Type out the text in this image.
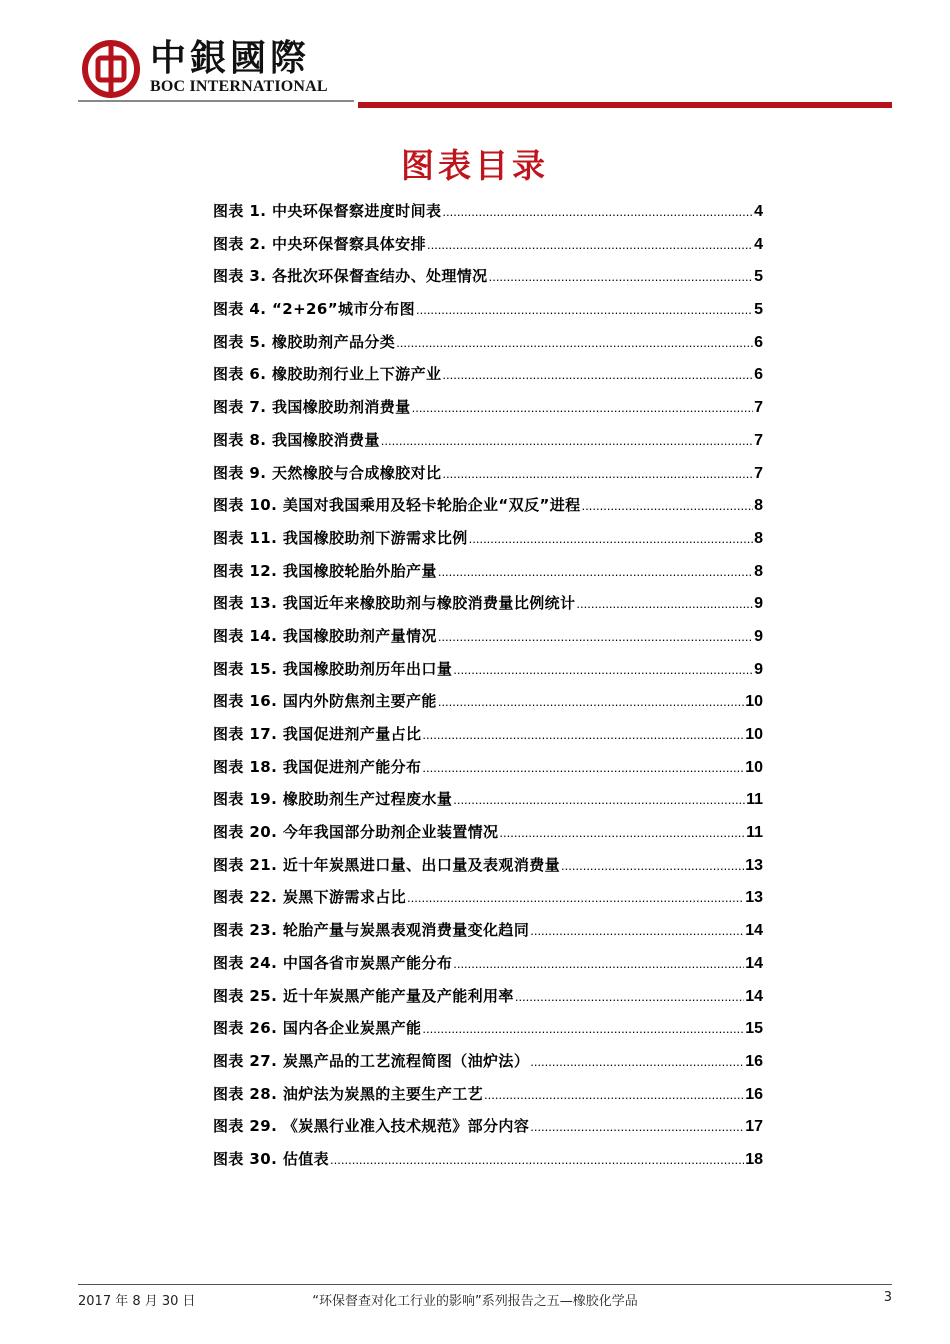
中銀國際
BOC INTERNATIONAL
图表目录
图表 1. 中央环保督察进度时间表 .....	4
图表 2. 中央环保督察具体安排 .....	4
图表 3. 各批次环保督查结办、处理情况 .....	5
图表 4. “2+26”城市分布图 .....	5
图表 5. 橡胶助剂产品分类 .....	6
图表 6. 橡胶助剂行业上下游产业 .....	6
图表 7. 我国橡胶助剂消费量 .....	7
图表 8. 我国橡胶消费量 .....	7
图表 9. 天然橡胶与合成橡胶对比 .....	7
图表 10. 美国对我国乘用及轻卡轮胎企业“双反”进程 .....	8
图表 11. 我国橡胶助剂下游需求比例 .....	8
图表 12. 我国橡胶轮胎外胎产量 .....	8
图表 13. 我国近年来橡胶助剂与橡胶消费量比例统计 .....	9
图表 14. 我国橡胶助剂产量情况 .....	9
图表 15. 我国橡胶助剂历年出口量 .....	9
图表 16. 国内外防焦剂主要产能 .....	10
图表 17. 我国促进剂产量占比 .....	10
图表 18. 我国促进剂产能分布 .....	10
图表 19. 橡胶助剂生产过程废水量 .....	11
图表 20. 今年我国部分助剂企业装置情况 .....	11
图表 21. 近十年炭黑进口量、出口量及表观消费量 .....	13
图表 22. 炭黑下游需求占比 .....	13
图表 23. 轮胎产量与炭黑表观消费量变化趋同 .....	14
图表 24. 中国各省市炭黑产能分布 .....	14
图表 25. 近十年炭黑产能产量及产能利用率 .....	14
图表 26. 国内各企业炭黑产能 .....	15
图表 27. 炭黑产品的工艺流程简图（油炉法） .....	16
图表 28. 油炉法为炭黑的主要生产工艺 .....	16
图表 29. 《炭黑行业准入技术规范》部分内容 .....	17
图表 30. 估值表 .....	18
2017 年 8 月 30 日	“环保督查对化工行业的影响”系列报告之五—橡胶化学品	3
